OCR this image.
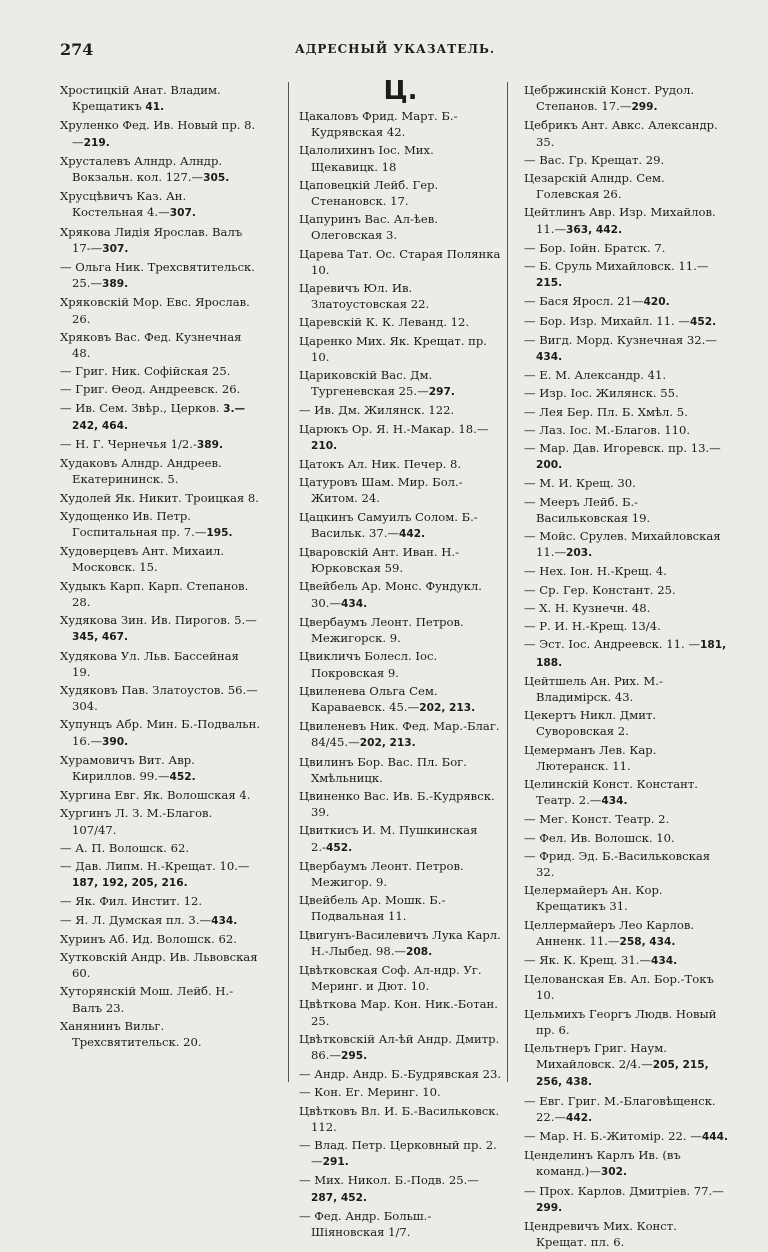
274	АДРЕСНЫЙ УКАЗАТЕЛЬ.

Хростицкій Анат. Владим. Крещатикъ 41.

Хруленко Фед. Ив. Новый пр. 8.—219.

Хрусталевъ Алндр. Алндр. Вокзальн. кол. 127.—305.

Хрусцѣвичъ Каз. Ан. Костельная 4.—307.

Хрякова Лидія Ярослав. Валъ 17-—307.

— Ольга Ник. Трехсвятительск. 25.—389.

Хряковскій Мор. Евс. Ярослав. 26.

Хряковъ Вас. Фед. Кузнечная 48.

— Григ. Ник. Софійская 25.

— Григ. Ѳеод. Андреевск. 26.

— Ив. Сем. Звѣр., Церков. 3.—242, 464.

— Н. Г. Чернечья 1/2.-389.

Худаковъ Алндр. Андреев. Екатерининск. 5.

Худолей Як. Никит. Троицкая 8.

Худощенко Ив. Петр. Госпитальная пр. 7.—195.

Худоверцевъ Ант. Михаил. Московск. 15.

Худыкъ Карп. Карп. Степанов. 28.

Худякова Зин. Ив. Пирогов. 5.—345, 467.

Худякова Ул. Льв. Бассейная 19.

Худяковъ Пав. Златоустов. 56.—304.

Хупунцъ Абр. Мин. Б.-Подвальн. 16.—390.

Хурамовичъ Вит. Авр. Кириллов. 99.—452.

Хургина Евг. Як. Волошская 4.

Хургинъ Л. З. М.-Благов. 107/47.

— А. П. Волошск. 62.

— Дав. Липм. Н.-Крещат. 10.—187, 192, 205, 216.

— Як. Фил. Инстит. 12.

— Я. Л. Думская пл. 3.—434.

Хуринъ Аб. Ид. Волошск. 62.

Хутковскій Андр. Ив. Львовская 60.

Хуторянскій Мош. Лейб. Н.-Валъ 23.

Ханянинъ Вильг. Трехсвятительск. 20.

Ц.

Цакаловъ Фрид. Март. Б.-Кудрявская 42.

Цалолихинъ Іос. Мих. Щекавицк. 18

Цаповецкій Лейб. Гер. Стенановск. 17.

Цапуринъ Вас. Ал-ѣев. Олеговская 3.

Царева Тат. Ос. Старая Полянка 10.

Царевичъ Юл. Ив. Златоустовская 22.

Царевскій К. К. Леванд. 12.

Царенко Мих. Як. Крещат. пр. 10.

Цариковскій Вас. Дм. Тургеневская 25.—297.

— Ив. Дм. Жилянск. 122.

Царюкъ Ор. Я. Н.-Макар. 18.—210.

Цатокъ Ал. Ник. Печер. 8.

Цатуровъ Шам. Мир. Бол.-Житом. 24.

Цацкинъ Самуилъ Солом. Б.-Васильк. 37.—442.

Цваровскій Ант. Иван. Н.-Юрковская 59.

Цвейбель Ар. Монс. Фундукл. 30.—434.

Цвербаумъ Леонт. Петров. Межигорск. 9.

Цвикличъ Болесл. Іос. Покровская 9.

Цвиленева Ольга Сем. Караваевск. 45.—202, 213.

Цвиленевъ Ник. Фед. Мар.-Благ. 84/45.—202, 213.

Цвилинъ Бор. Вас. Пл. Бог. Хмѣльницк.

Цвиненко Вас. Ив. Б.-Кудрявск. 39.

Цвиткисъ И. М. Пушкинская 2.-452.

Цвербаумъ Леонт. Петров. Межигор. 9.

Цвейбель Ар. Мошк. Б.-Подвальная 11.

Цвигунъ-Василевичъ Лука Карл. Н.-Лыбед. 98.—208.

Цвѣтковская Соф. Ал-ндр. Уг. Меринг. и Дют. 10.

Цвѣткова Мар. Кон. Ник.-Ботан. 25.

Цвѣтковскій Ал-ѣй Андр. Дмитр. 86.—295.

— Андр. Андр. Б.-Будрявская 23.

— Кон. Ег. Меринг. 10.

Цвѣтковъ Вл. И. Б.-Васильковск. 112.

— Влад. Петр. Церковный пр. 2.—291.

— Мих. Никол. Б.-Подв. 25.—287, 452.

— Фед. Андр. Больш.-Шіяновская 1/7.

Цебржинскій Конст. Рудол. Степанов. 17.—299.

Цебрикъ Ант. Авкс. Александр. 35.

— Вас. Гр. Крещат. 29.

Цезарскій Алндр. Сем. Голевская 26.

Цейтлинъ Авр. Изр. Михайлов. 11.—363, 442.

— Бор. Іойн. Братск. 7.

— Б. Сруль Михайловск. 11.—215.

— Бася Яросл. 21—420.

— Бор. Изр. Михайл. 11. —452.

— Вигд. Морд. Кузнечная 32.—434.

— Е. М. Александр. 41.

— Изр. Іос. Жилянск. 55.

— Лея Бер. Пл. Б. Хмѣл. 5.

— Лаз. Іос. М.-Благов. 110.

— Мар. Дав. Игоревск. пр. 13.—200.

— М. И. Крещ. 30.

— Мееръ Лейб. Б.-Васильковская 19.

— Мойс. Срулев. Михайловская 11.—203.

— Нех. Іон. Н.-Крещ. 4.

— Ср. Гер. Констант. 25.

— Х. Н. Кузнечн. 48.

— Р. И. Н.-Крещ. 13/4.

— Эст. Іос. Андреевск. 11. —181, 188.

Цейтшель Ан. Рих. М.-Владимірск. 43.

Цекертъ Никл. Дмит. Суворовская 2.

Цемерманъ Лев. Кар. Лютеранск. 11.

Целинскій Конст. Констант. Театр. 2.—434.

— Мег. Конст. Театр. 2.

— Фел. Ив. Волошск. 10.

— Фрид. Эд. Б.-Васильковская 32.

Целермайеръ Ан. Кор. Крещатикъ 31.

Целлермайеръ Лео Карлов. Анненк. 11.—258, 434.

— Як. К. Крещ. 31.—434.

Целованская Ев. Ал. Бор.-Токъ 10.

Цельмихъ Георгъ Людв. Новый пр. 6.

Цельтнеръ Григ. Наум. Михайловск. 2/4.—205, 215, 256, 438.

— Евг. Григ. М.-Благовѣщенск. 22.—442.

— Мар. Н. Б.-Житомір. 22. —444.

Ценделинъ Карлъ Ив. (въ команд.)—302.

— Прох. Карлов. Дмитріев. 77.—299.

Цендревичъ Мих. Конст. Крещат. пл. 6.
